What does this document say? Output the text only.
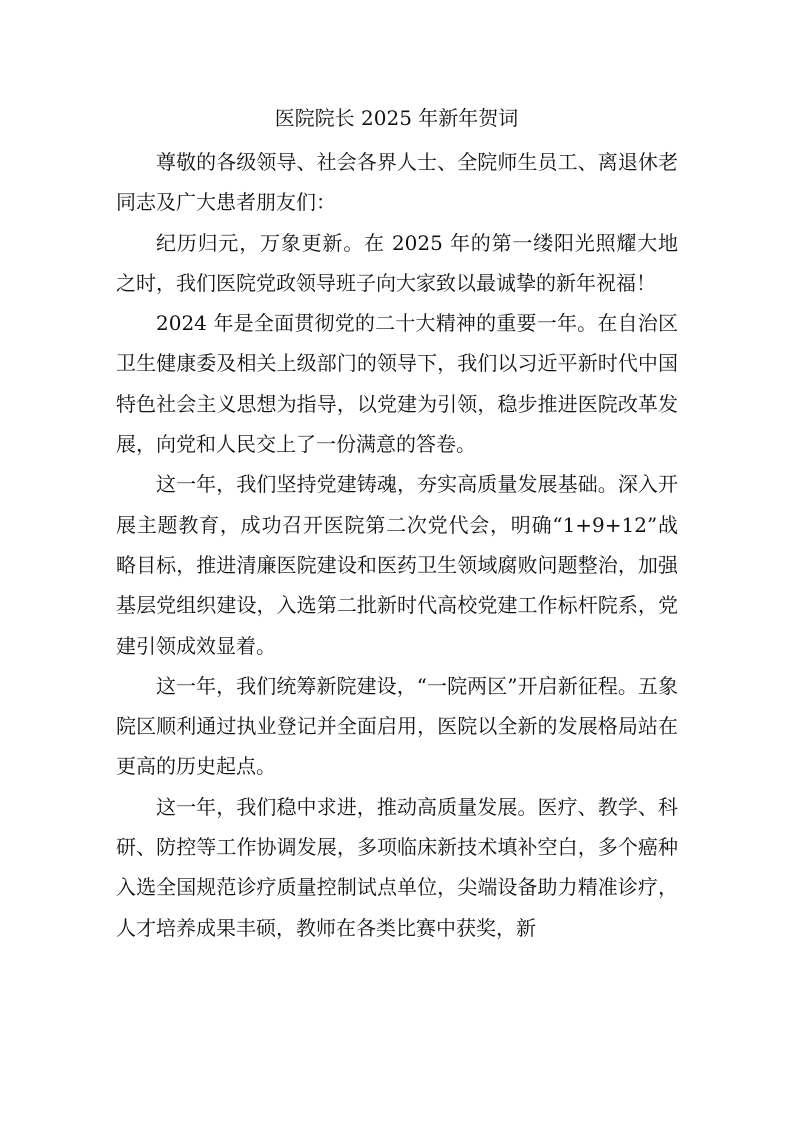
医院院长 2025 年新年贺词

尊敬的各级领导、社会各界人士、全院师生员工、离退休老同志及广大患者朋友们：

纪历归元，万象更新。在 2025 年的第一缕阳光照耀大地之时，我们医院党政领导班子向大家致以最诚挚的新年祝福！

2024 年是全面贯彻党的二十大精神的重要一年。在自治区卫生健康委及相关上级部门的领导下，我们以习近平新时代中国特色社会主义思想为指导，以党建为引领，稳步推进医院改革发展，向党和人民交上了一份满意的答卷。

这一年，我们坚持党建铸魂，夯实高质量发展基础。深入开展主题教育，成功召开医院第二次党代会，明确“1+9+12”战略目标，推进清廉医院建设和医药卫生领域腐败问题整治，加强基层党组织建设，入选第二批新时代高校党建工作标杆院系，党建引领成效显着。

这一年，我们统筹新院建设，“一院两区”开启新征程。五象院区顺利通过执业登记并全面启用，医院以全新的发展格局站在更高的历史起点。

这一年，我们稳中求进，推动高质量发展。医疗、教学、科研、防控等工作协调发展，多项临床新技术填补空白，多个癌种入选全国规范诊疗质量控制试点单位，尖端设备助力精准诊疗，人才培养成果丰硕，教师在各类比赛中获奖，新
